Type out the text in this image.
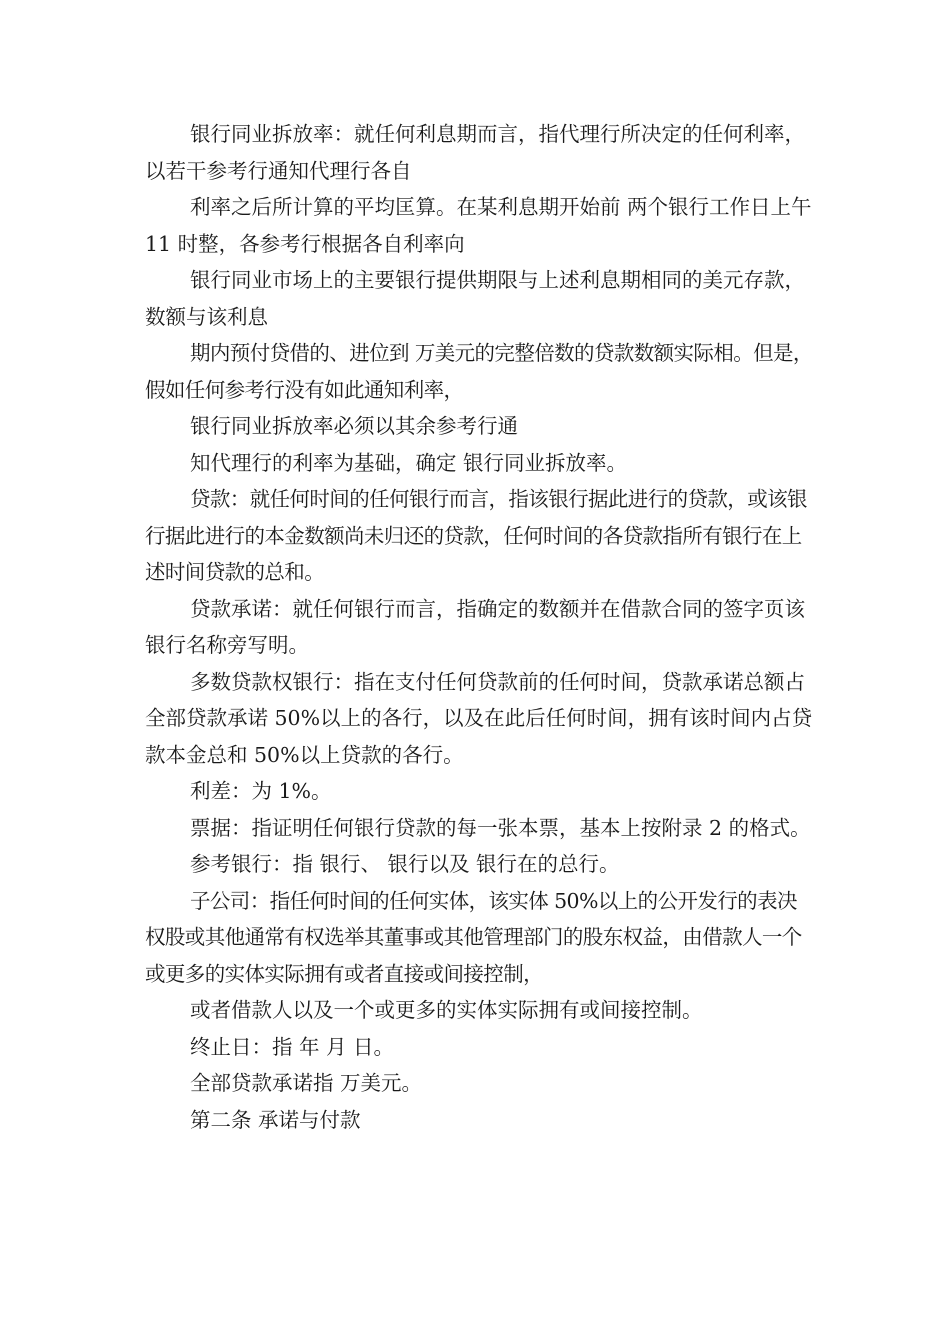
银行同业拆放率：就任何利息期而言，指代理行所决定的任何利率，以若干参考行通知代理行各自

利率之后所计算的平均匡算。在某利息期开始前 两个银行工作日上午 11 时整，各参考行根据各自利率向

银行同业市场上的主要银行提供期限与上述利息期相同的美元存款，数额与该利息

期内预付贷借的、进位到 万美元的完整倍数的贷款数额实际相。但是，假如任何参考行没有如此通知利率，

银行同业拆放率必须以其余参考行通

知代理行的利率为基础，确定 银行同业拆放率。

贷款：就任何时间的任何银行而言，指该银行据此进行的贷款，或该银行据此进行的本金数额尚未归还的贷款，任何时间的各贷款指所有银行在上述时间贷款的总和。

贷款承诺：就任何银行而言，指确定的数额并在借款合同的签字页该银行名称旁写明。

多数贷款权银行：指在支付任何贷款前的任何时间，贷款承诺总额占全部贷款承诺 50%以上的各行，以及在此后任何时间，拥有该时间内占贷款本金总和 50%以上贷款的各行。

利差：为 1%。

票据：指证明任何银行贷款的每一张本票，基本上按附录 2 的格式。

参考银行：指 银行、 银行以及 银行在的总行。

子公司：指任何时间的任何实体，该实体 50%以上的公开发行的表决权股或其他通常有权选举其董事或其他管理部门的股东权益，由借款人一个或更多的实体实际拥有或者直接或间接控制，

或者借款人以及一个或更多的实体实际拥有或间接控制。

终止日：指 年 月 日。

全部贷款承诺指 万美元。

第二条 承诺与付款
